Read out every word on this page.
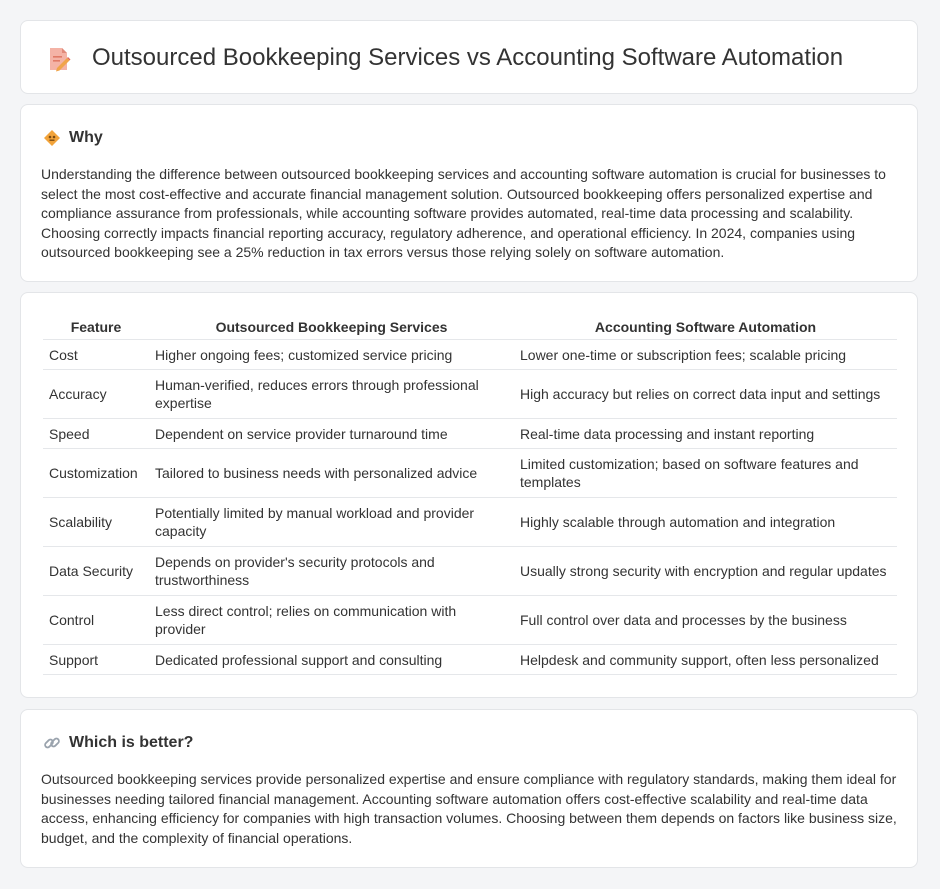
Outsourced Bookkeeping Services vs Accounting Software Automation
Why

Understanding the difference between outsourced bookkeeping services and accounting software automation is crucial for businesses to select the most cost-effective and accurate financial management solution. Outsourced bookkeeping offers personalized expertise and compliance assurance from professionals, while accounting software provides automated, real-time data processing and scalability. Choosing correctly impacts financial reporting accuracy, regulatory adherence, and operational efficiency. In 2024, companies using outsourced bookkeeping see a 25% reduction in tax errors versus those relying solely on software automation.

Feature	Outsourced Bookkeeping Services	Accounting Software Automation
Cost	Higher ongoing fees; customized service pricing	Lower one-time or subscription fees; scalable pricing
Accuracy	Human-verified, reduces errors through professional expertise	High accuracy but relies on correct data input and settings
Speed	Dependent on service provider turnaround time	Real-time data processing and instant reporting
Customization	Tailored to business needs with personalized advice	Limited customization; based on software features and templates
Scalability	Potentially limited by manual workload and provider capacity	Highly scalable through automation and integration
Data Security	Depends on provider's security protocols and trustworthiness	Usually strong security with encryption and regular updates
Control	Less direct control; relies on communication with provider	Full control over data and processes by the business
Support	Dedicated professional support and consulting	Helpdesk and community support, often less personalized
Which is better?

Outsourced bookkeeping services provide personalized expertise and ensure compliance with regulatory standards, making them ideal for businesses needing tailored financial management. Accounting software automation offers cost-effective scalability and real-time data access, enhancing efficiency for companies with high transaction volumes. Choosing between them depends on factors like business size, budget, and the complexity of financial operations.
